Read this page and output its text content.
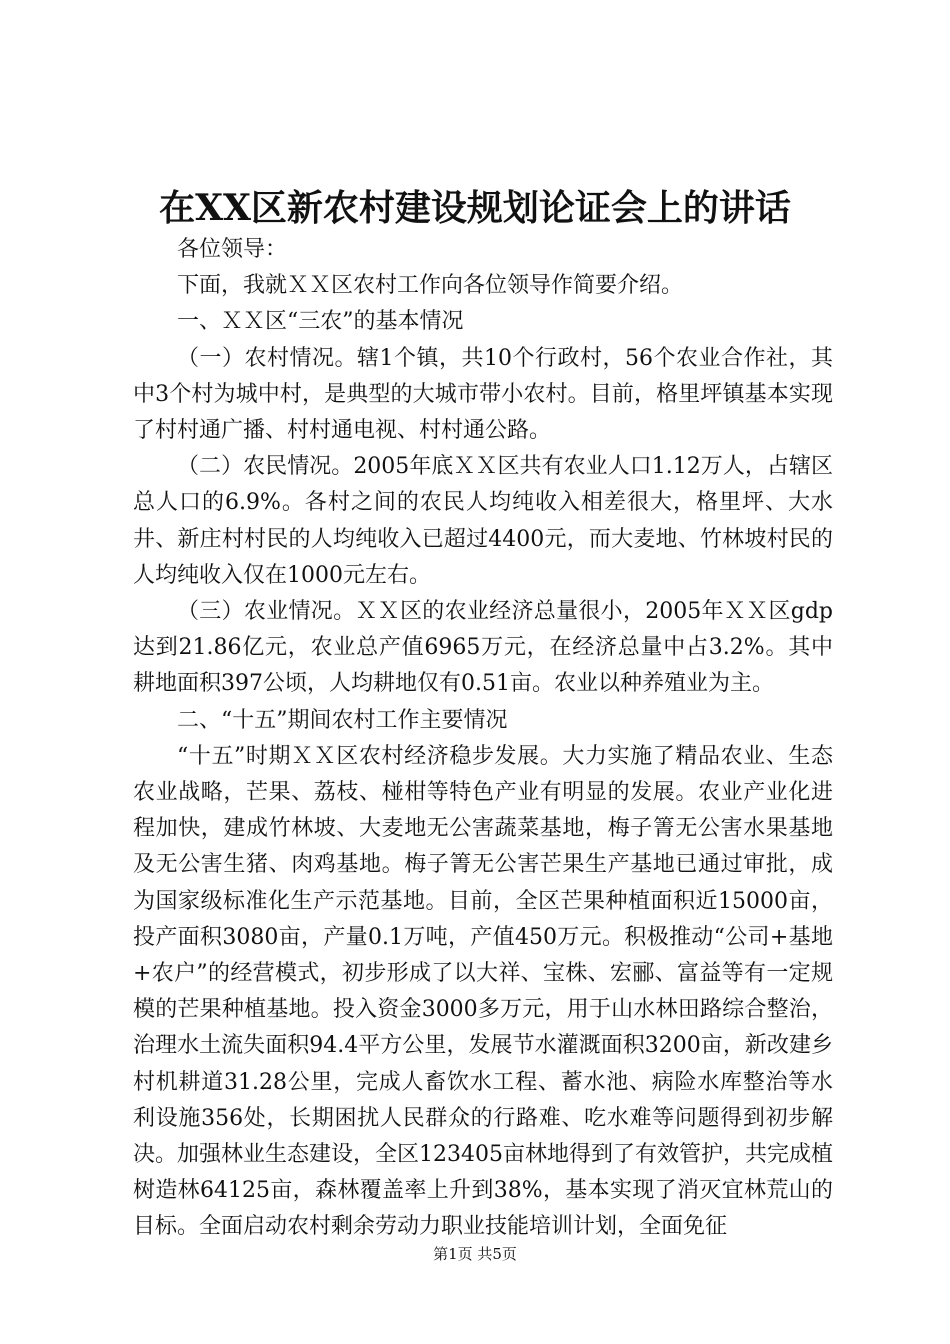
在XX区新农村建设规划论证会上的讲话

各位领导：

下面，我就ＸＸ区农村工作向各位领导作简要介绍。

一、ＸＸ区“三农”的基本情况

（一）农村情况。辖1个镇，共10个行政村，56个农业合作社，其中3个村为城中村，是典型的大城市带小农村。目前，格里坪镇基本实现了村村通广播、村村通电视、村村通公路。

（二）农民情况。2005年底ＸＸ区共有农业人口1.12万人，占辖区总人口的6.9%。各村之间的农民人均纯收入相差很大，格里坪、大水井、新庄村村民的人均纯收入已超过4400元，而大麦地、竹林坡村民的人均纯收入仅在1000元左右。

（三）农业情况。ＸＸ区的农业经济总量很小，2005年ＸＸ区gdp达到21.86亿元，农业总产值6965万元，在经济总量中占3.2%。其中耕地面积397公顷，人均耕地仅有0.51亩。农业以种养殖业为主。

二、“十五”期间农村工作主要情况

“十五”时期ＸＸ区农村经济稳步发展。大力实施了精品农业、生态农业战略，芒果、荔枝、椪柑等特色产业有明显的发展。农业产业化进程加快，建成竹林坡、大麦地无公害蔬菜基地，梅子箐无公害水果基地及无公害生猪、肉鸡基地。梅子箐无公害芒果生产基地已通过审批，成为国家级标准化生产示范基地。目前，全区芒果种植面积近15000亩，投产面积3080亩，产量0.1万吨，产值450万元。积极推动“公司+基地+农户”的经营模式，初步形成了以大祥、宝株、宏郦、富益等有一定规模的芒果种植基地。投入资金3000多万元，用于山水林田路综合整治，治理水土流失面积94.4平方公里，发展节水灌溉面积3200亩，新改建乡村机耕道31.28公里，完成人畜饮水工程、蓄水池、病险水库整治等水利设施356处，长期困扰人民群众的行路难、吃水难等问题得到初步解决。加强林业生态建设，全区123405亩林地得到了有效管护，共完成植树造林64125亩，森林覆盖率上升到38%，基本实现了消灭宜林荒山的目标。全面启动农村剩余劳动力职业技能培训计划，全面免征

第1页 共5页
